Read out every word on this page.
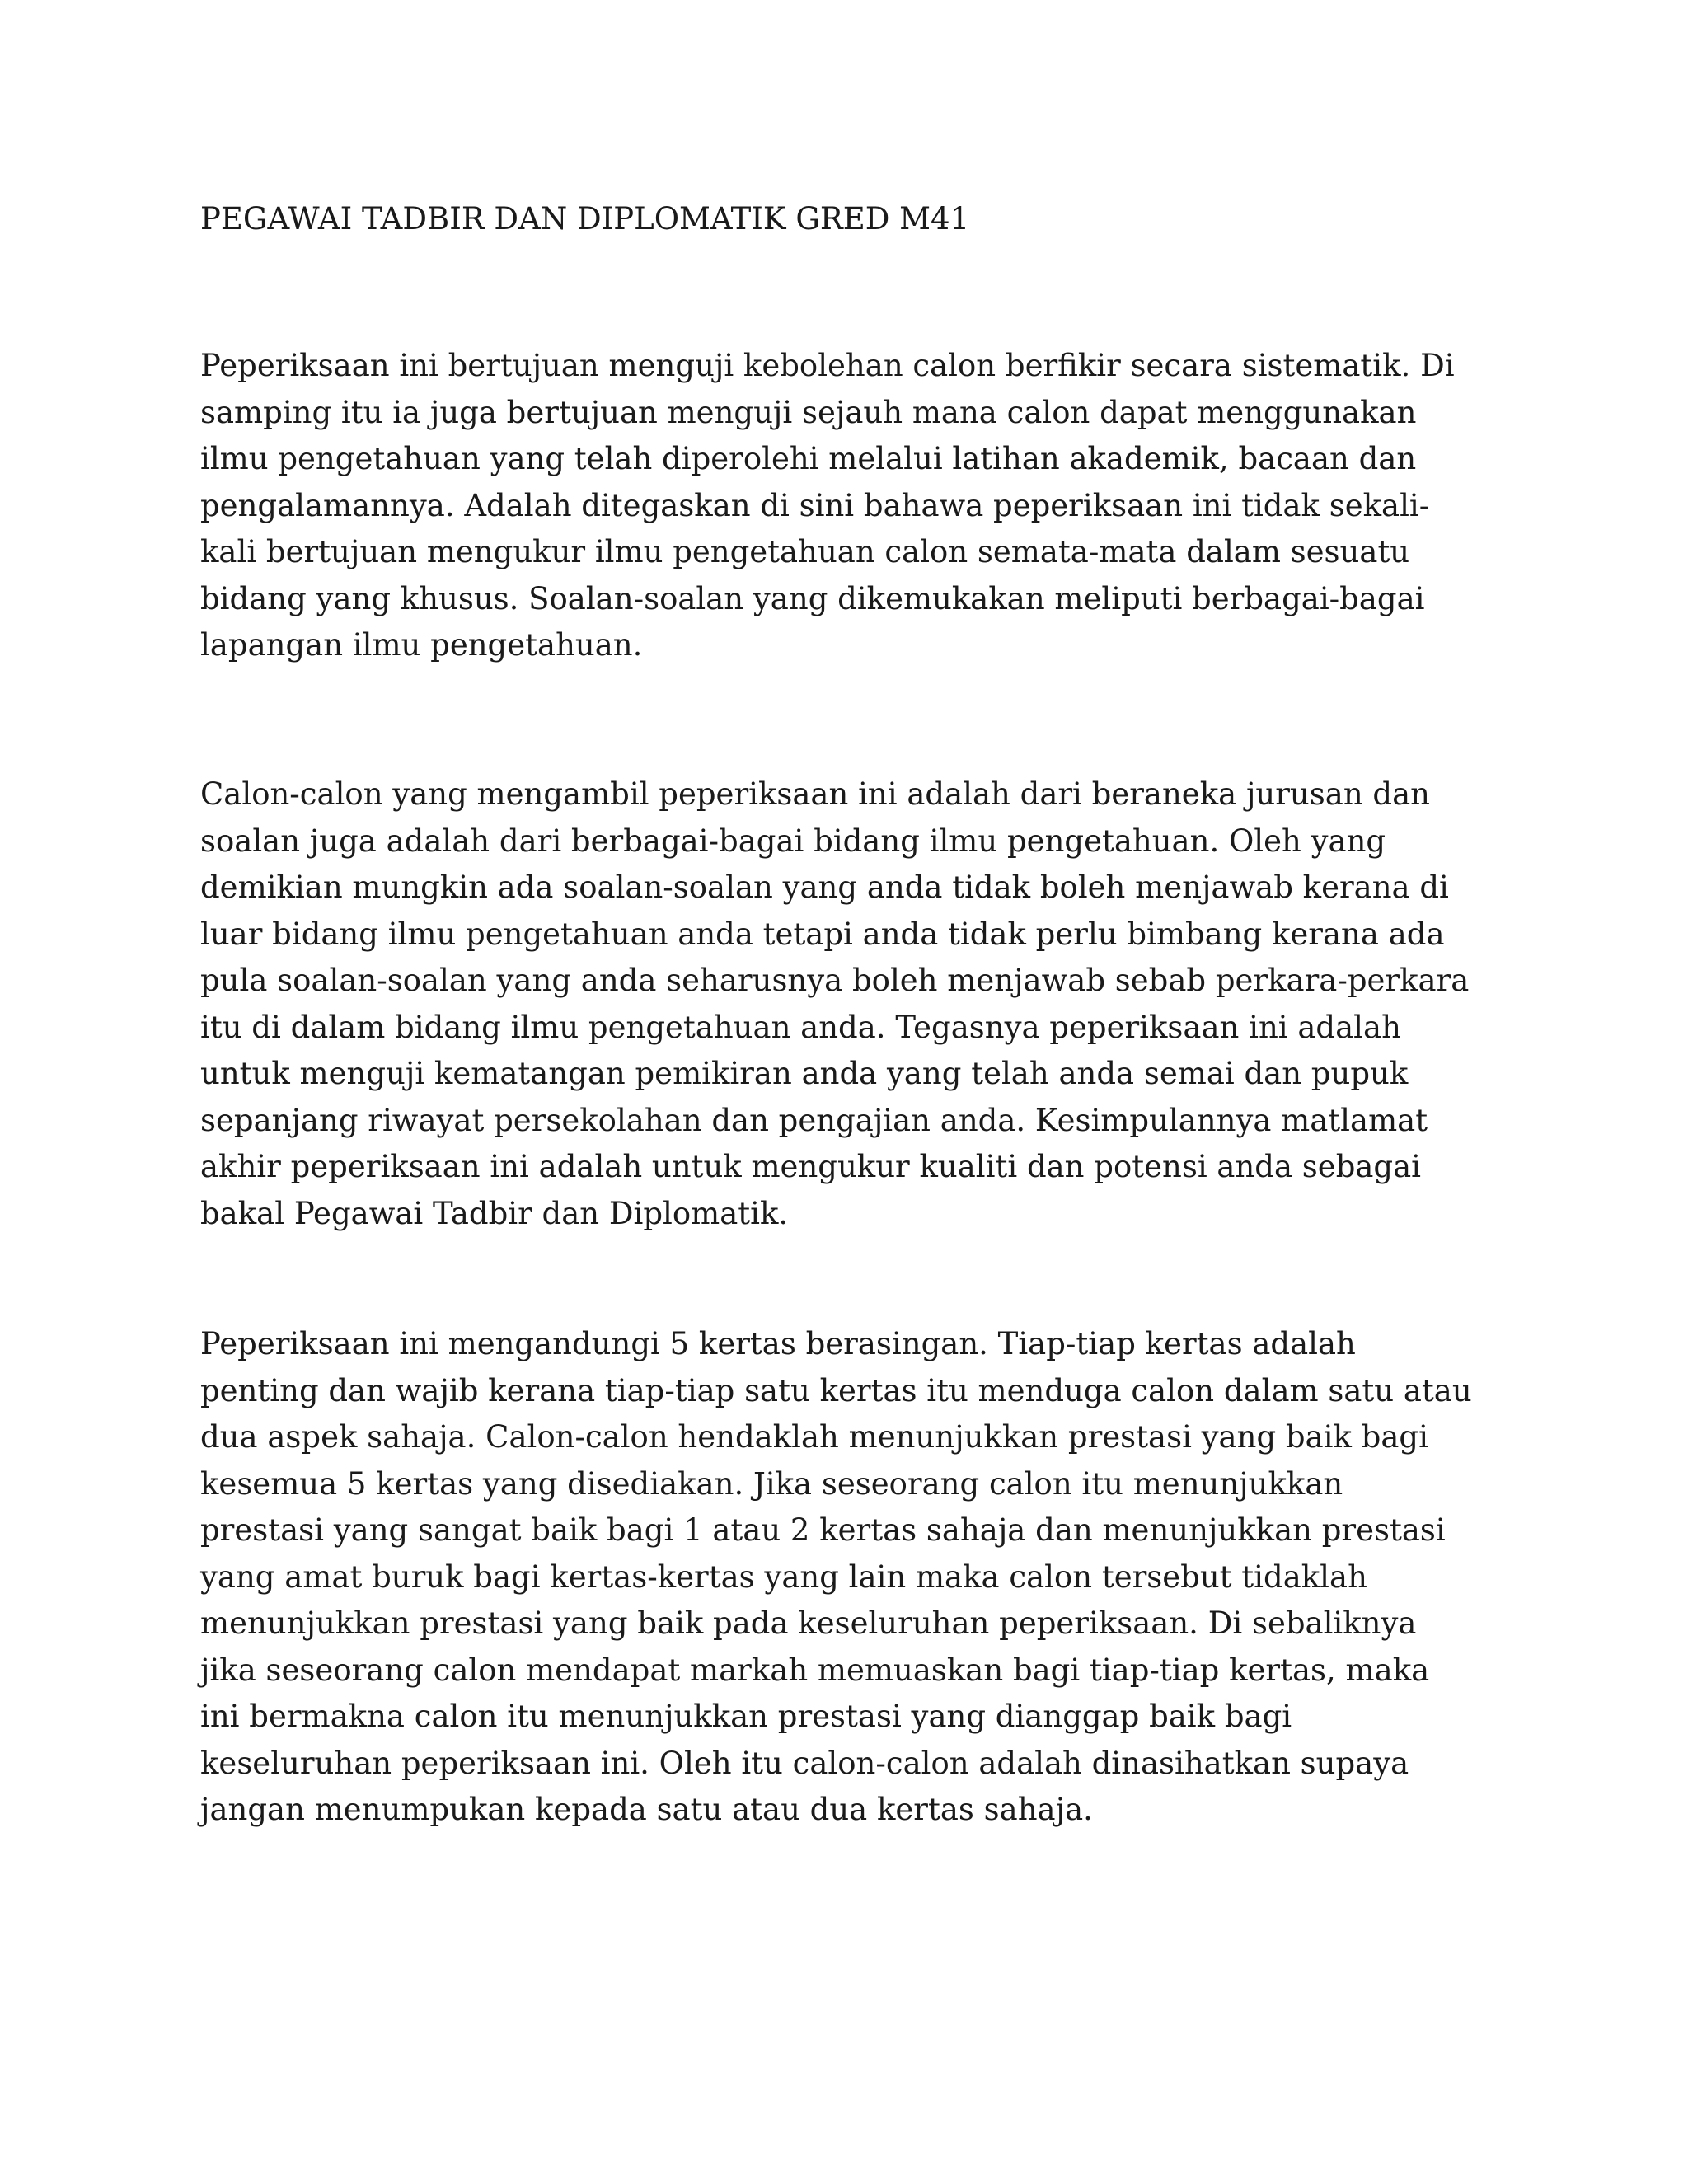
PEGAWAI TADBIR DAN DIPLOMATIK GRED M41
Peperiksaan ini bertujuan menguji kebolehan calon berfikir secara sistematik. Di
samping itu ia juga bertujuan menguji sejauh mana calon dapat menggunakan
ilmu pengetahuan yang telah diperolehi melalui latihan akademik, bacaan dan
pengalamannya. Adalah ditegaskan di sini bahawa peperiksaan ini tidak sekali-
kali bertujuan mengukur ilmu pengetahuan calon semata-mata dalam sesuatu
bidang yang khusus. Soalan-soalan yang dikemukakan meliputi berbagai-bagai
lapangan ilmu pengetahuan.
Calon-calon yang mengambil peperiksaan ini adalah dari beraneka jurusan dan
soalan juga adalah dari berbagai-bagai bidang ilmu pengetahuan. Oleh yang
demikian mungkin ada soalan-soalan yang anda tidak boleh menjawab kerana di
luar bidang ilmu pengetahuan anda tetapi anda tidak perlu bimbang kerana ada
pula soalan-soalan yang anda seharusnya boleh menjawab sebab perkara-perkara
itu di dalam bidang ilmu pengetahuan anda. Tegasnya peperiksaan ini adalah
untuk menguji kematangan pemikiran anda yang telah anda semai dan pupuk
sepanjang riwayat persekolahan dan pengajian anda. Kesimpulannya matlamat
akhir peperiksaan ini adalah untuk mengukur kualiti dan potensi anda sebagai
bakal Pegawai Tadbir dan Diplomatik.
Peperiksaan ini mengandungi 5 kertas berasingan. Tiap-tiap kertas adalah
penting dan wajib kerana tiap-tiap satu kertas itu menduga calon dalam satu atau
dua aspek sahaja. Calon-calon hendaklah menunjukkan prestasi yang baik bagi
kesemua 5 kertas yang disediakan. Jika seseorang calon itu menunjukkan
prestasi yang sangat baik bagi 1 atau 2 kertas sahaja dan menunjukkan prestasi
yang amat buruk bagi kertas-kertas yang lain maka calon tersebut tidaklah
menunjukkan prestasi yang baik pada keseluruhan peperiksaan. Di sebaliknya
jika seseorang calon mendapat markah memuaskan bagi tiap-tiap kertas, maka
ini bermakna calon itu menunjukkan prestasi yang dianggap baik bagi
keseluruhan peperiksaan ini. Oleh itu calon-calon adalah dinasihatkan supaya
jangan menumpukan kepada satu atau dua kertas sahaja.
